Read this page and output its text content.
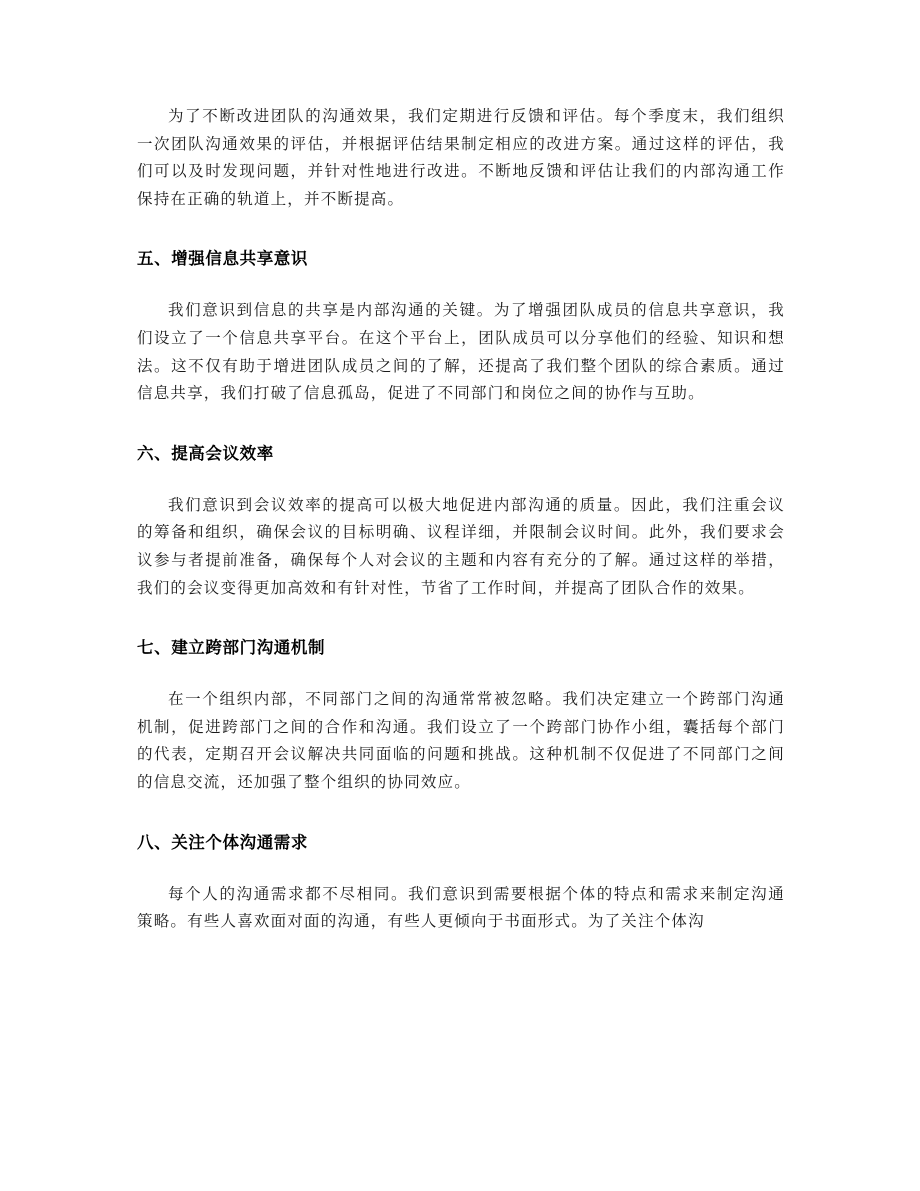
为了不断改进团队的沟通效果，我们定期进行反馈和评估。每个季度末，我们组织一次团队沟通效果的评估，并根据评估结果制定相应的改进方案。通过这样的评估，我们可以及时发现问题，并针对性地进行改进。不断地反馈和评估让我们的内部沟通工作保持在正确的轨道上，并不断提高。

五、增强信息共享意识

我们意识到信息的共享是内部沟通的关键。为了增强团队成员的信息共享意识，我们设立了一个信息共享平台。在这个平台上，团队成员可以分享他们的经验、知识和想法。这不仅有助于增进团队成员之间的了解，还提高了我们整个团队的综合素质。通过信息共享，我们打破了信息孤岛，促进了不同部门和岗位之间的协作与互助。

六、提高会议效率

我们意识到会议效率的提高可以极大地促进内部沟通的质量。因此，我们注重会议的筹备和组织，确保会议的目标明确、议程详细，并限制会议时间。此外，我们要求会议参与者提前准备，确保每个人对会议的主题和内容有充分的了解。通过这样的举措，我们的会议变得更加高效和有针对性，节省了工作时间，并提高了团队合作的效果。

七、建立跨部门沟通机制

在一个组织内部，不同部门之间的沟通常常被忽略。我们决定建立一个跨部门沟通机制，促进跨部门之间的合作和沟通。我们设立了一个跨部门协作小组，囊括每个部门的代表，定期召开会议解决共同面临的问题和挑战。这种机制不仅促进了不同部门之间的信息交流，还加强了整个组织的协同效应。

八、关注个体沟通需求

每个人的沟通需求都不尽相同。我们意识到需要根据个体的特点和需求来制定沟通策略。有些人喜欢面对面的沟通，有些人更倾向于书面形式。为了关注个体沟
